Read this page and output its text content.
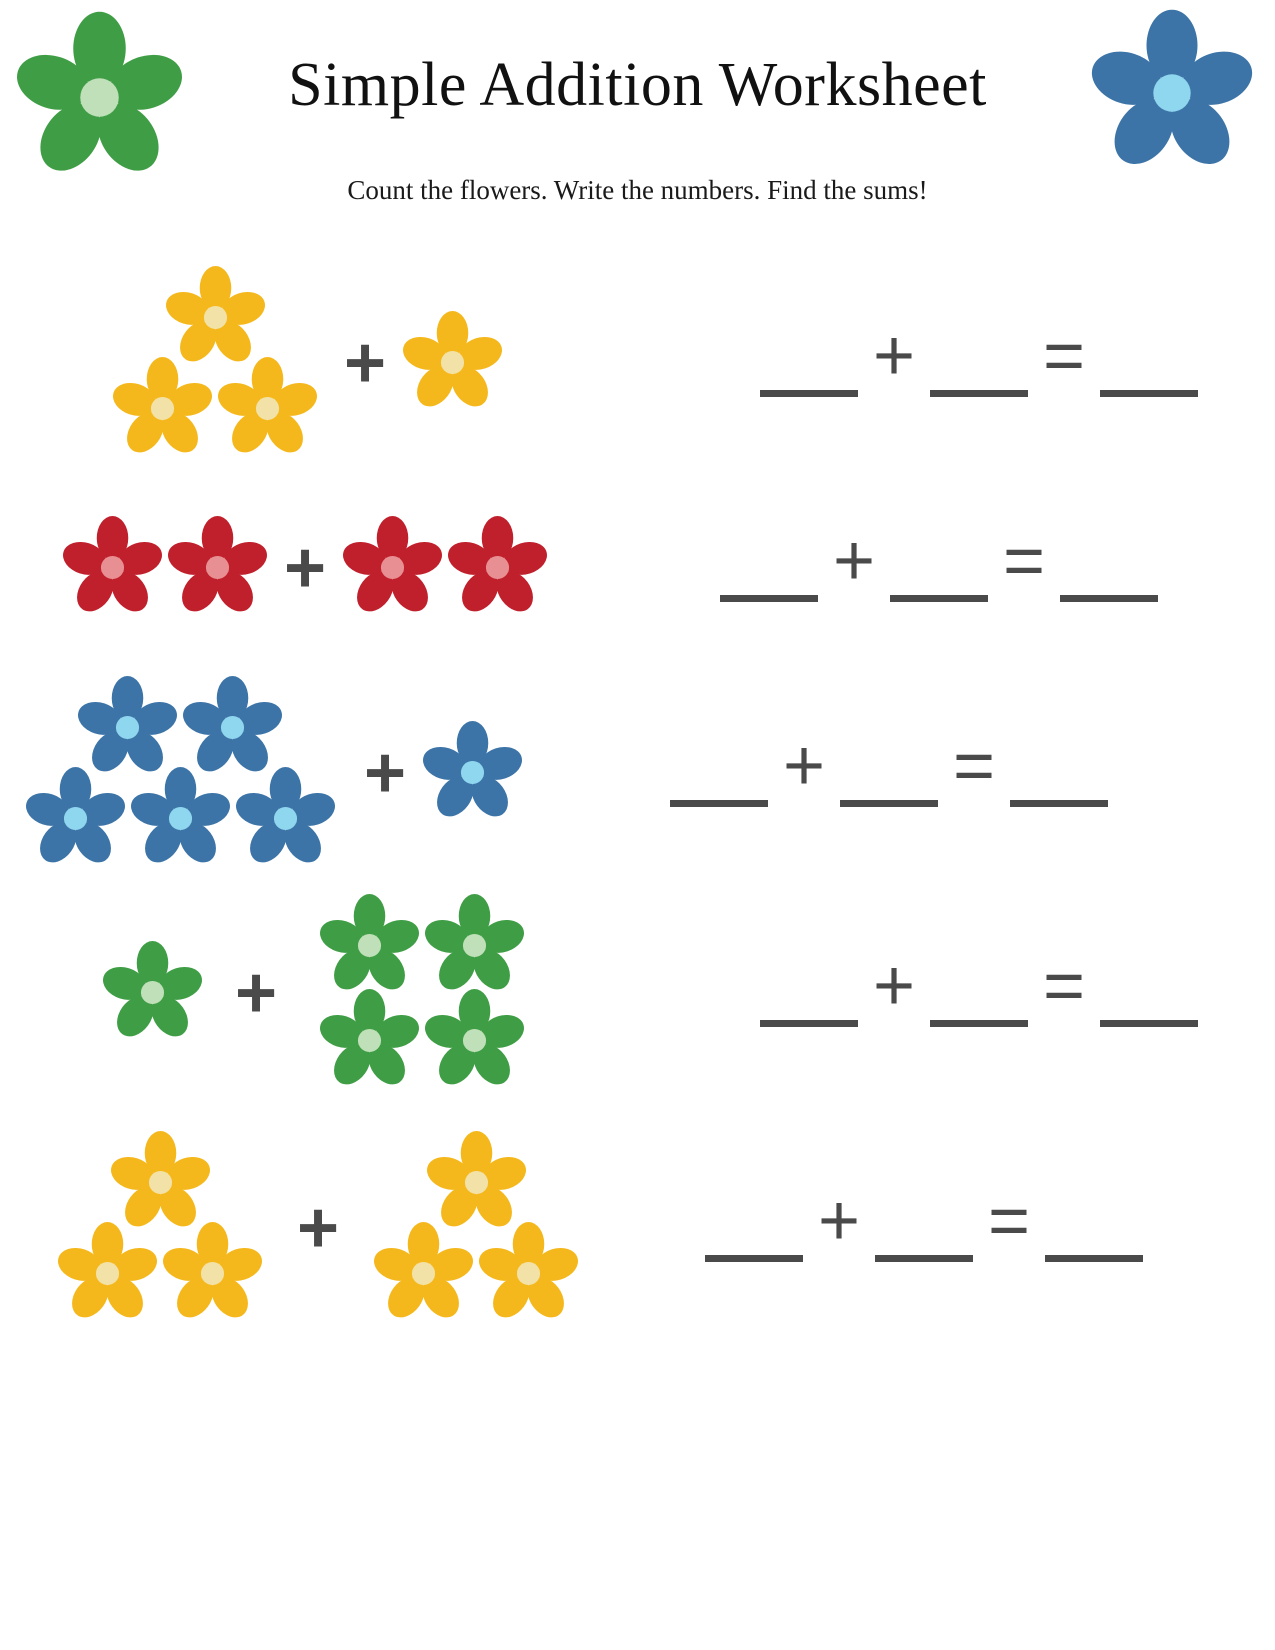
Simple Addition Worksheet
Count the flowers. Write the numbers. Find the sums!
+	+ =
+	+ =
+	+ =
+	+ =
+	+ =
